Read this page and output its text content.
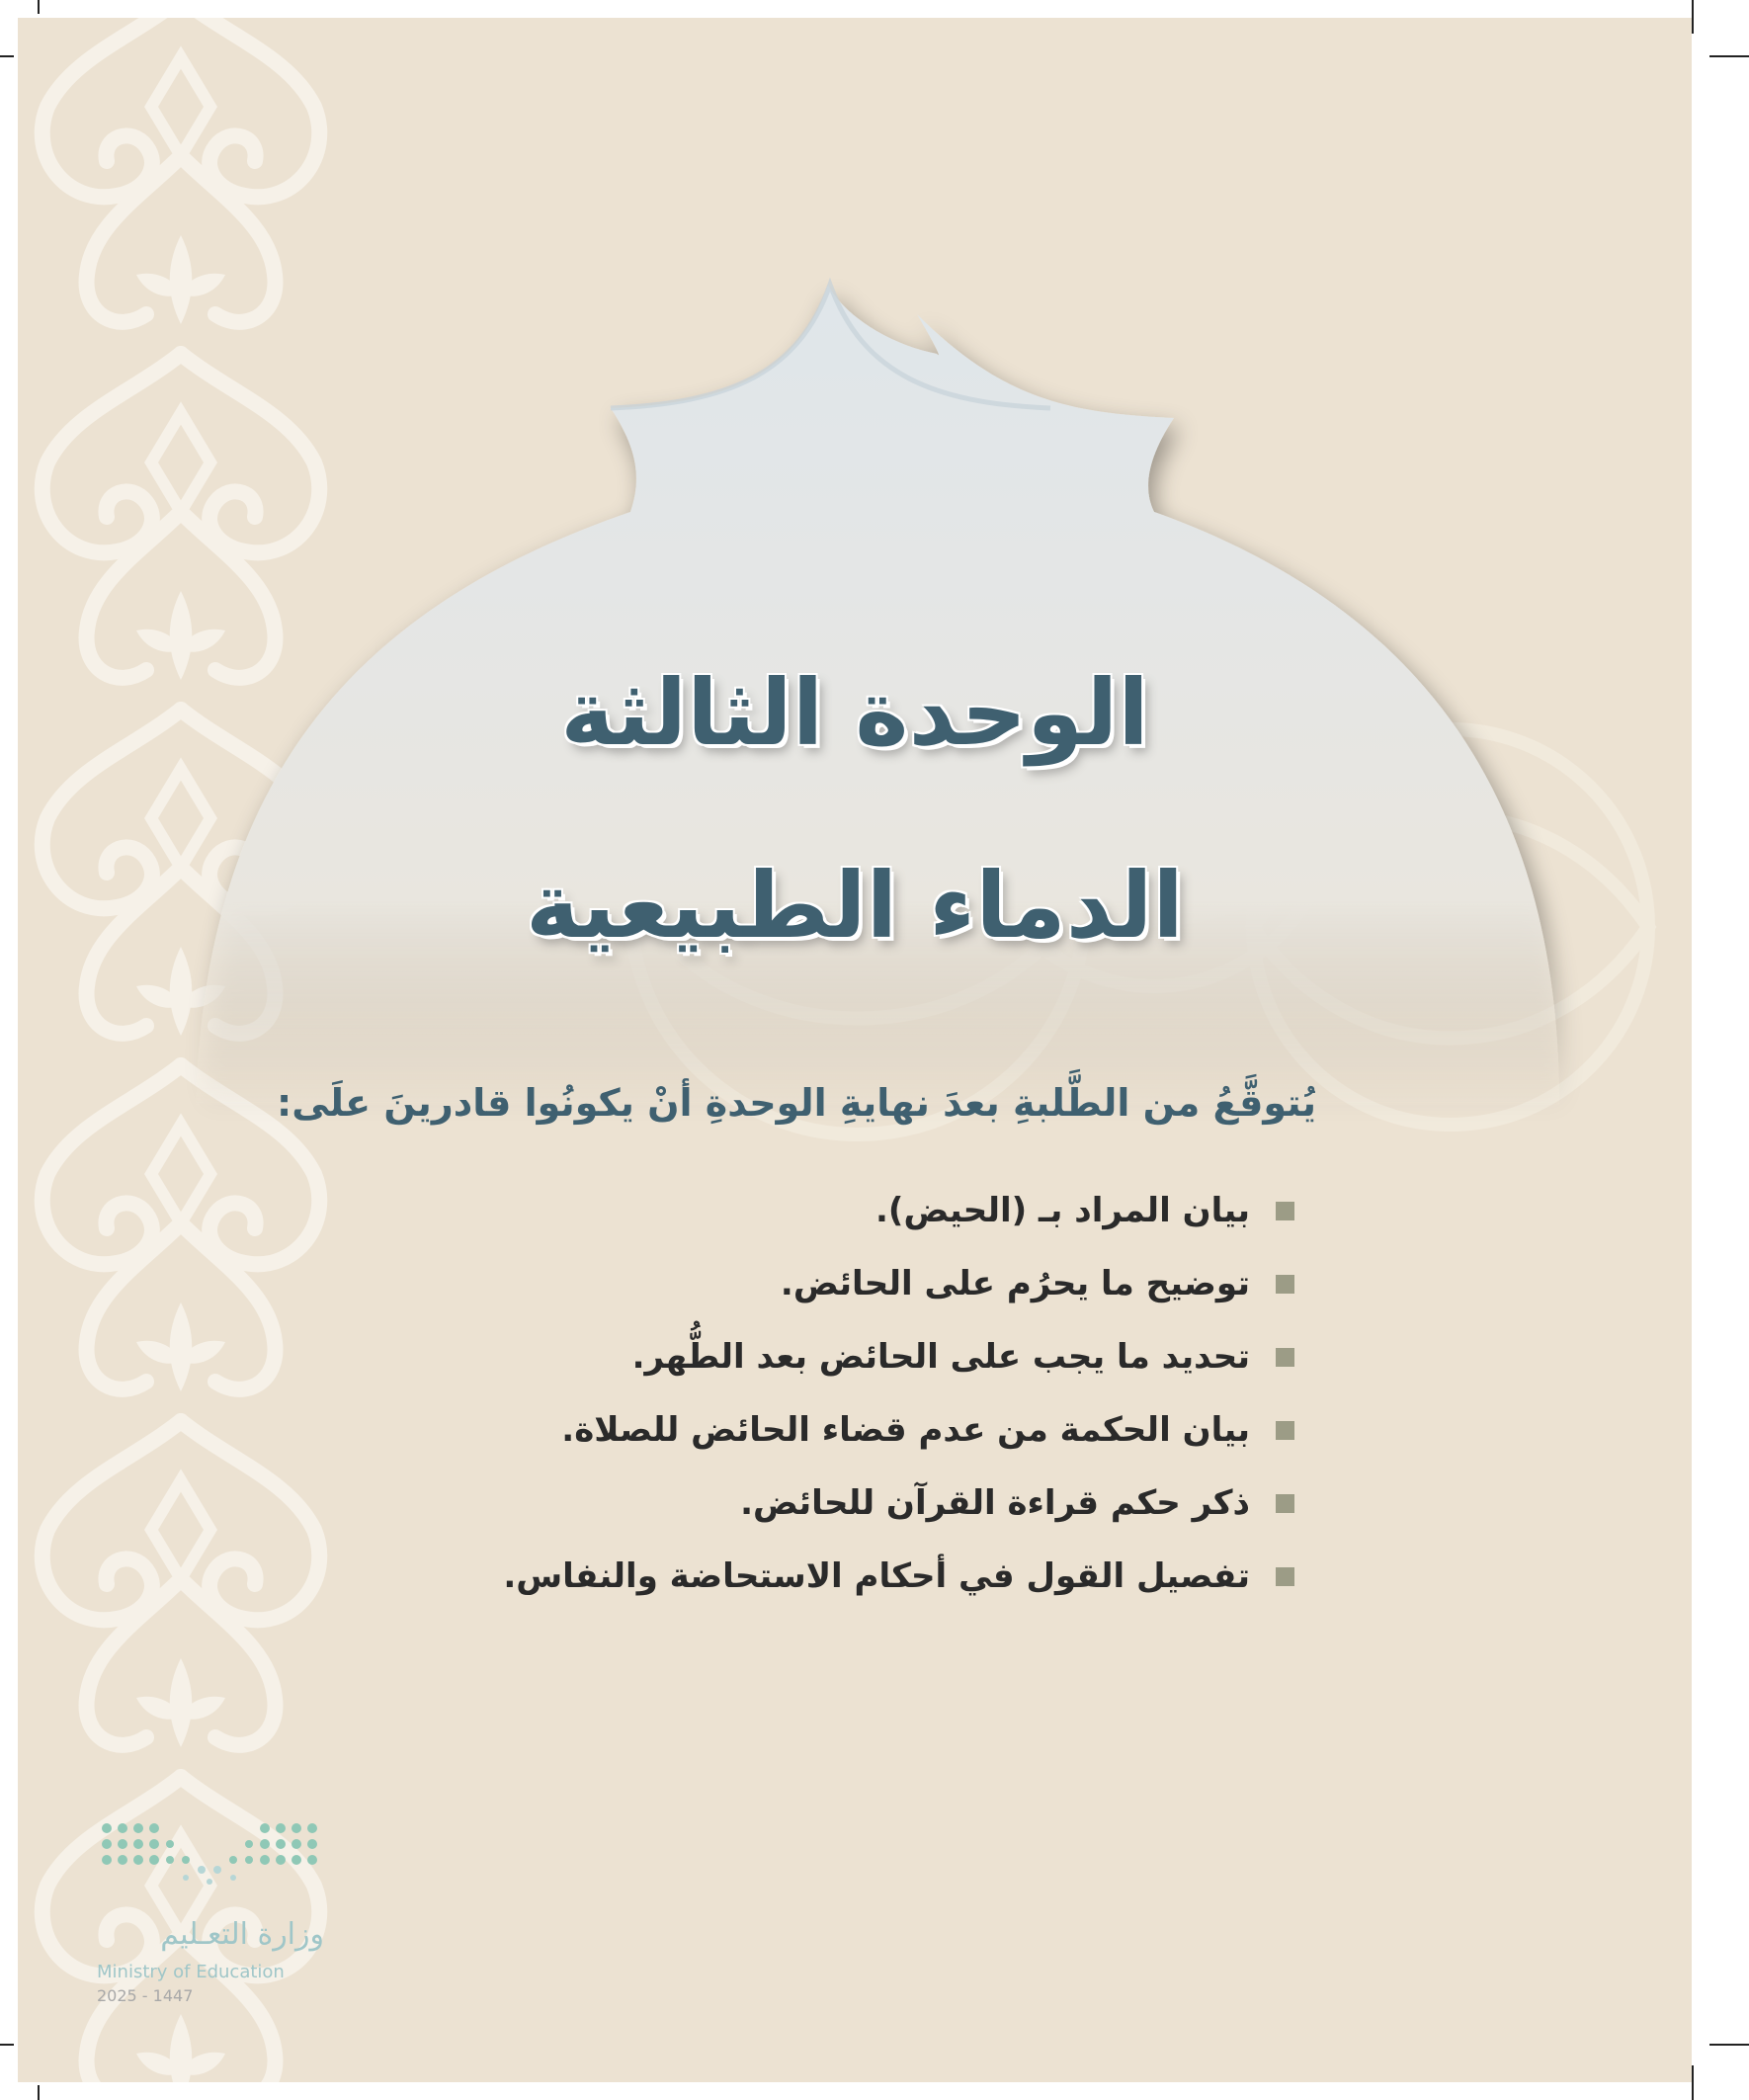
الوحدة الثالثة
الدماء الطبيعية
يُتوقَّعُ من الطَّلبةِ بعدَ نهايةِ الوحدةِ أنْ يكونُوا قادرينَ علَى:
بيان المراد بـ (الحيض).
توضيح ما يحرُم على الحائض.
تحديد ما يجب على الحائض بعد الطُّهر.
بيان الحكمة من عدم قضاء الحائض للصلاة.
ذكر حكم قراءة القرآن للحائض.
تفصيل القول في أحكام الاستحاضة والنفاس.
وزارة التعـليم
Ministry of Education
2025 - 1447
